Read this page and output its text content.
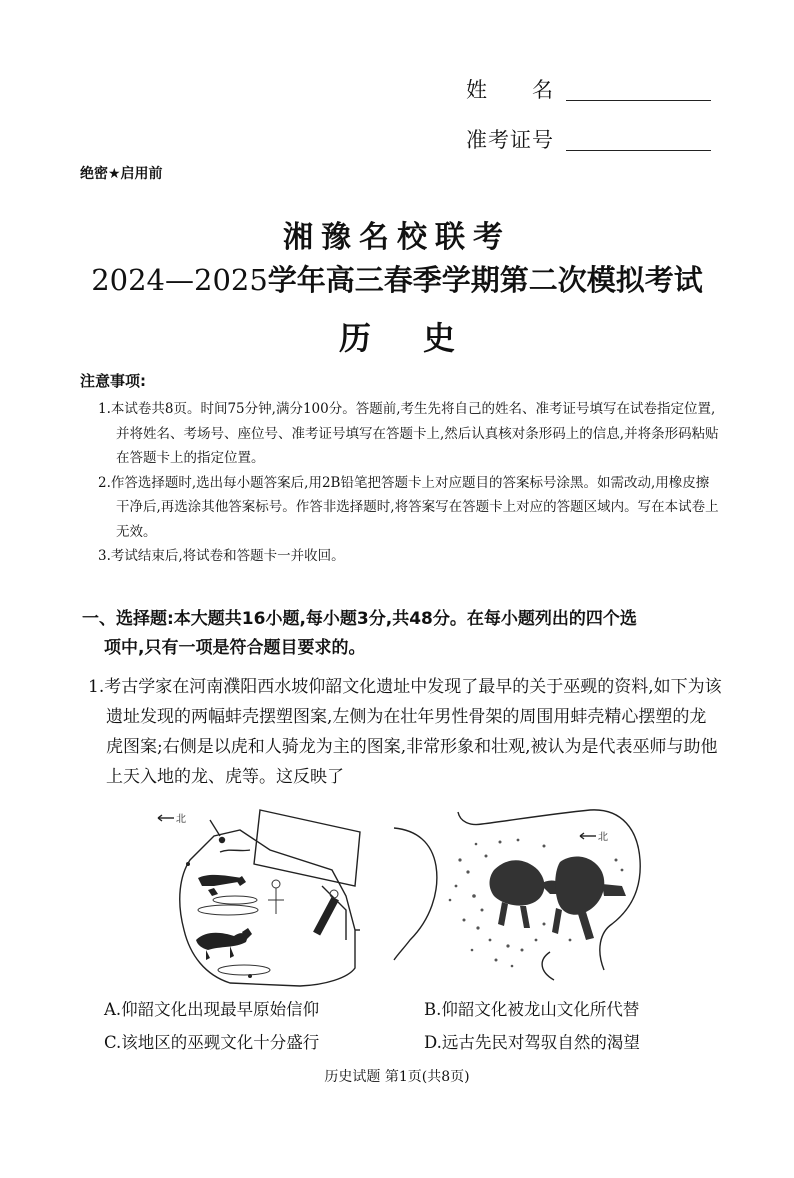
姓　　名
准考证号
绝密★启用前
湘豫名校联考
2024—2025学年高三春季学期第二次模拟考试
历史
注意事项:
1.本试卷共8页。时间75分钟,满分100分。答题前,考生先将自己的姓名、准考证号填写在试卷指定位置,并将姓名、考场号、座位号、准考证号填写在答题卡上,然后认真核对条形码上的信息,并将条形码粘贴在答题卡上的指定位置。
2.作答选择题时,选出每小题答案后,用2B铅笔把答题卡上对应题目的答案标号涂黑。如需改动,用橡皮擦干净后,再选涂其他答案标号。作答非选择题时,将答案写在答题卡上对应的答题区域内。写在本试卷上无效。
3.考试结束后,将试卷和答题卡一并收回。
一、选择题:本大题共16小题,每小题3分,共48分。在每小题列出的四个选
项中,只有一项是符合题目要求的。
1.考古学家在河南濮阳西水坡仰韶文化遗址中发现了最早的关于巫觋的资料,如下为该遗址发现的两幅蚌壳摆塑图案,左侧为在壮年男性骨架的周围用蚌壳精心摆塑的龙虎图案;右侧是以虎和人骑龙为主的图案,非常形象和壮观,被认为是代表巫师与助他上天入地的龙、虎等。这反映了
北
北
A.仰韶文化出现最早原始信仰	B.仰韶文化被龙山文化所代替
C.该地区的巫觋文化十分盛行	D.远古先民对驾驭自然的渴望
历史试题 第1页(共8页)
